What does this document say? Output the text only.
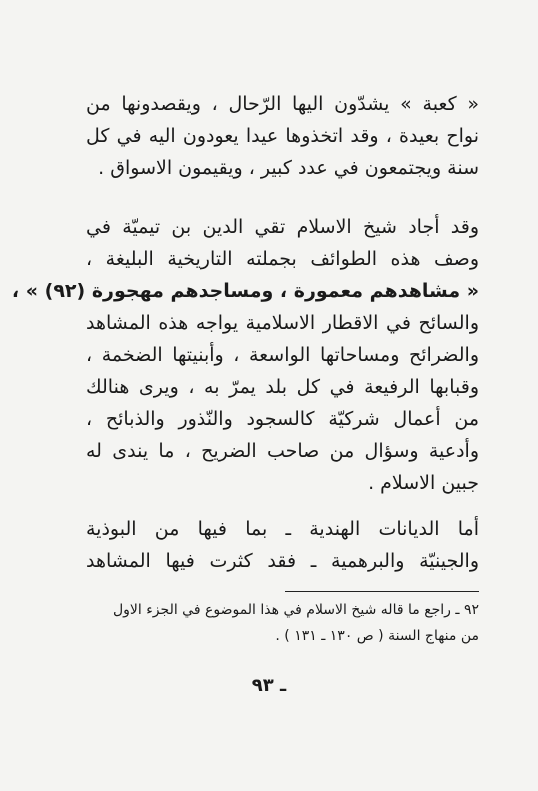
« كعبة » يشدّون اليها الرّحال ، ويقصدونها من
نواح بعيدة ، وقد اتخذوها عيدا يعودون اليه في كل
سنة ويجتمعون في عدد كبير ، ويقيمون الاسواق .
وقد أجاد شيخ الاسلام تقي الدين بن تيميّة في
وصف هذه الطوائف بجملته التاريخية البليغة ،
« مشاهدهم معمورة ، ومساجدهم مهجورة (٩٢) » ،
والسائح في الاقطار الاسلامية يواجه هذه المشاهد
والضرائح ومساحاتها الواسعة ، وأبنيتها الضخمة ،
وقبابها الرفيعة في كل بلد يمرّ به ، ويرى هنالك
من أعمال شركيّة كالسجود والنّذور والذبائح ،
وأدعية وسؤال من صاحب الضريح ، ما يندى له
جبين الاسلام .
أما الديانات الهندية ـ بما فيها من البوذية
والجينيّة والبرهمية ـ فقد كثرت فيها المشاهد
٩٢ ـ راجع ما قاله شيخ الاسلام في هذا الموضوع في الجزء الاول
من منهاج السنة ( ص ١٣٠ ـ ١٣١ ) .
ـ ٩٣
